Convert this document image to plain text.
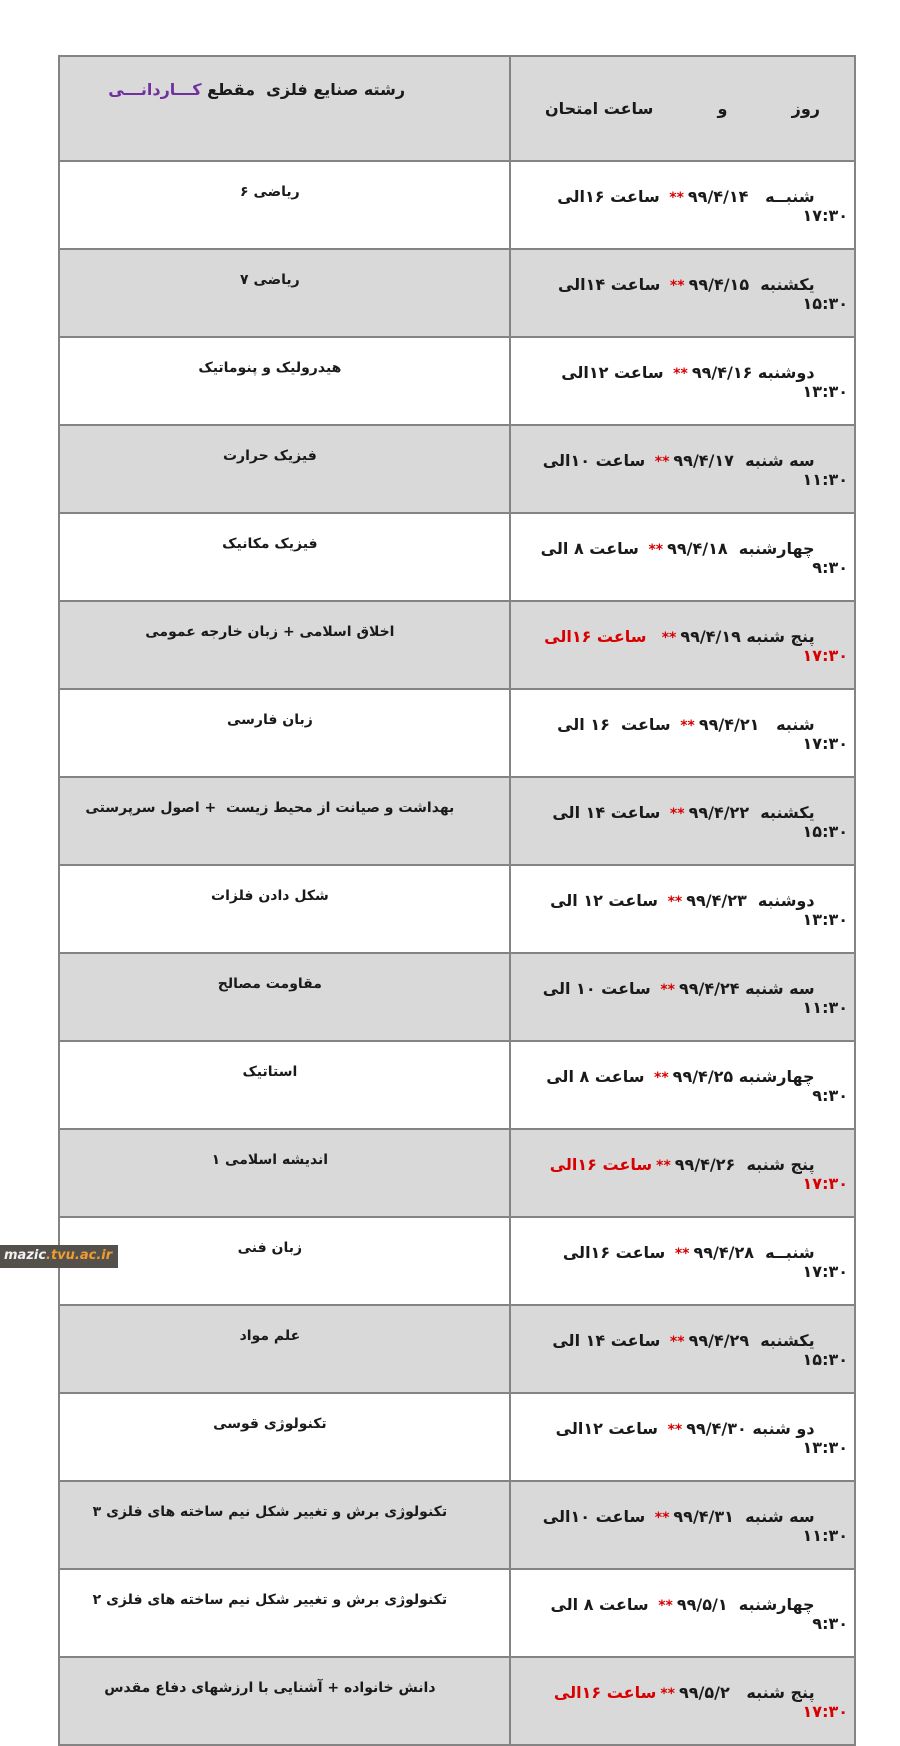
روز
و
ساعت امتحان	رشته صنایع فلزی  مقطع کـــاردانـــی

شنبــه   ۹۹/۴/۱۴** ساعت ۱۶الی ۱۷:۳۰	ریاضی ۶

یکشنبه  ۹۹/۴/۱۵** ساعت ۱۴الی ۱۵:۳۰	ریاضی ۷

دوشنبه ۹۹/۴/۱۶** ساعت ۱۲الی ۱۳:۳۰	هیدرولیک و پنوماتیک

سه شنبه  ۹۹/۴/۱۷** ساعت ۱۰الی ۱۱:۳۰	فیزیک حرارت

چهارشنبه  ۹۹/۴/۱۸** ساعت ۸ الی ۹:۳۰	فیزیک مکانیک

پنج شنبه ۹۹/۴/۱۹**  ساعت ۱۶الی ۱۷:۳۰	اخلاق اسلامی + زبان خارجه عمومی

شنبه   ۹۹/۴/۲۱** ساعت  ۱۶ الی ۱۷:۳۰	زبان فارسی

یکشنبه  ۹۹/۴/۲۲** ساعت ۱۴ الی ۱۵:۳۰	بهداشت و صیانت از محیط زیست  + اصول سرپرستی

دوشنبه  ۹۹/۴/۲۳** ساعت ۱۲ الی ۱۳:۳۰	شکل دادن فلزات

سه شنبه ۹۹/۴/۲۴** ساعت ۱۰ الی ۱۱:۳۰	مقاومت مصالح

چهارشنبه ۹۹/۴/۲۵** ساعت ۸ الی ۹:۳۰	استاتیک

پنج شنبه  ۹۹/۴/۲۶**ساعت ۱۶الی ۱۷:۳۰	اندیشه اسلامی ۱

شنبــه  ۹۹/۴/۲۸** ساعت ۱۶الی ۱۷:۳۰	زبان فنی

یکشنبه  ۹۹/۴/۲۹** ساعت ۱۴ الی ۱۵:۳۰	علم مواد

دو شنبه ۹۹/۴/۳۰** ساعت ۱۲الی ۱۳:۳۰	تکنولوژی قوسی

سه شنبه  ۹۹/۴/۳۱** ساعت ۱۰الی ۱۱:۳۰	تکنولوژی برش و تغییر شکل نیم ساخته های فلزی ۳

چهارشنبه  ۹۹/۵/۱** ساعت ۸ الی ۹:۳۰	تکنولوژی برش و تغییر شکل نیم ساخته های فلزی ۲

پنج شنبه   ۹۹/۵/۲**ساعت ۱۶الی ۱۷:۳۰	دانش خانواده + آشنایی با ارزشهای دفاع مقدس

mazic.tvu.ac.ir
